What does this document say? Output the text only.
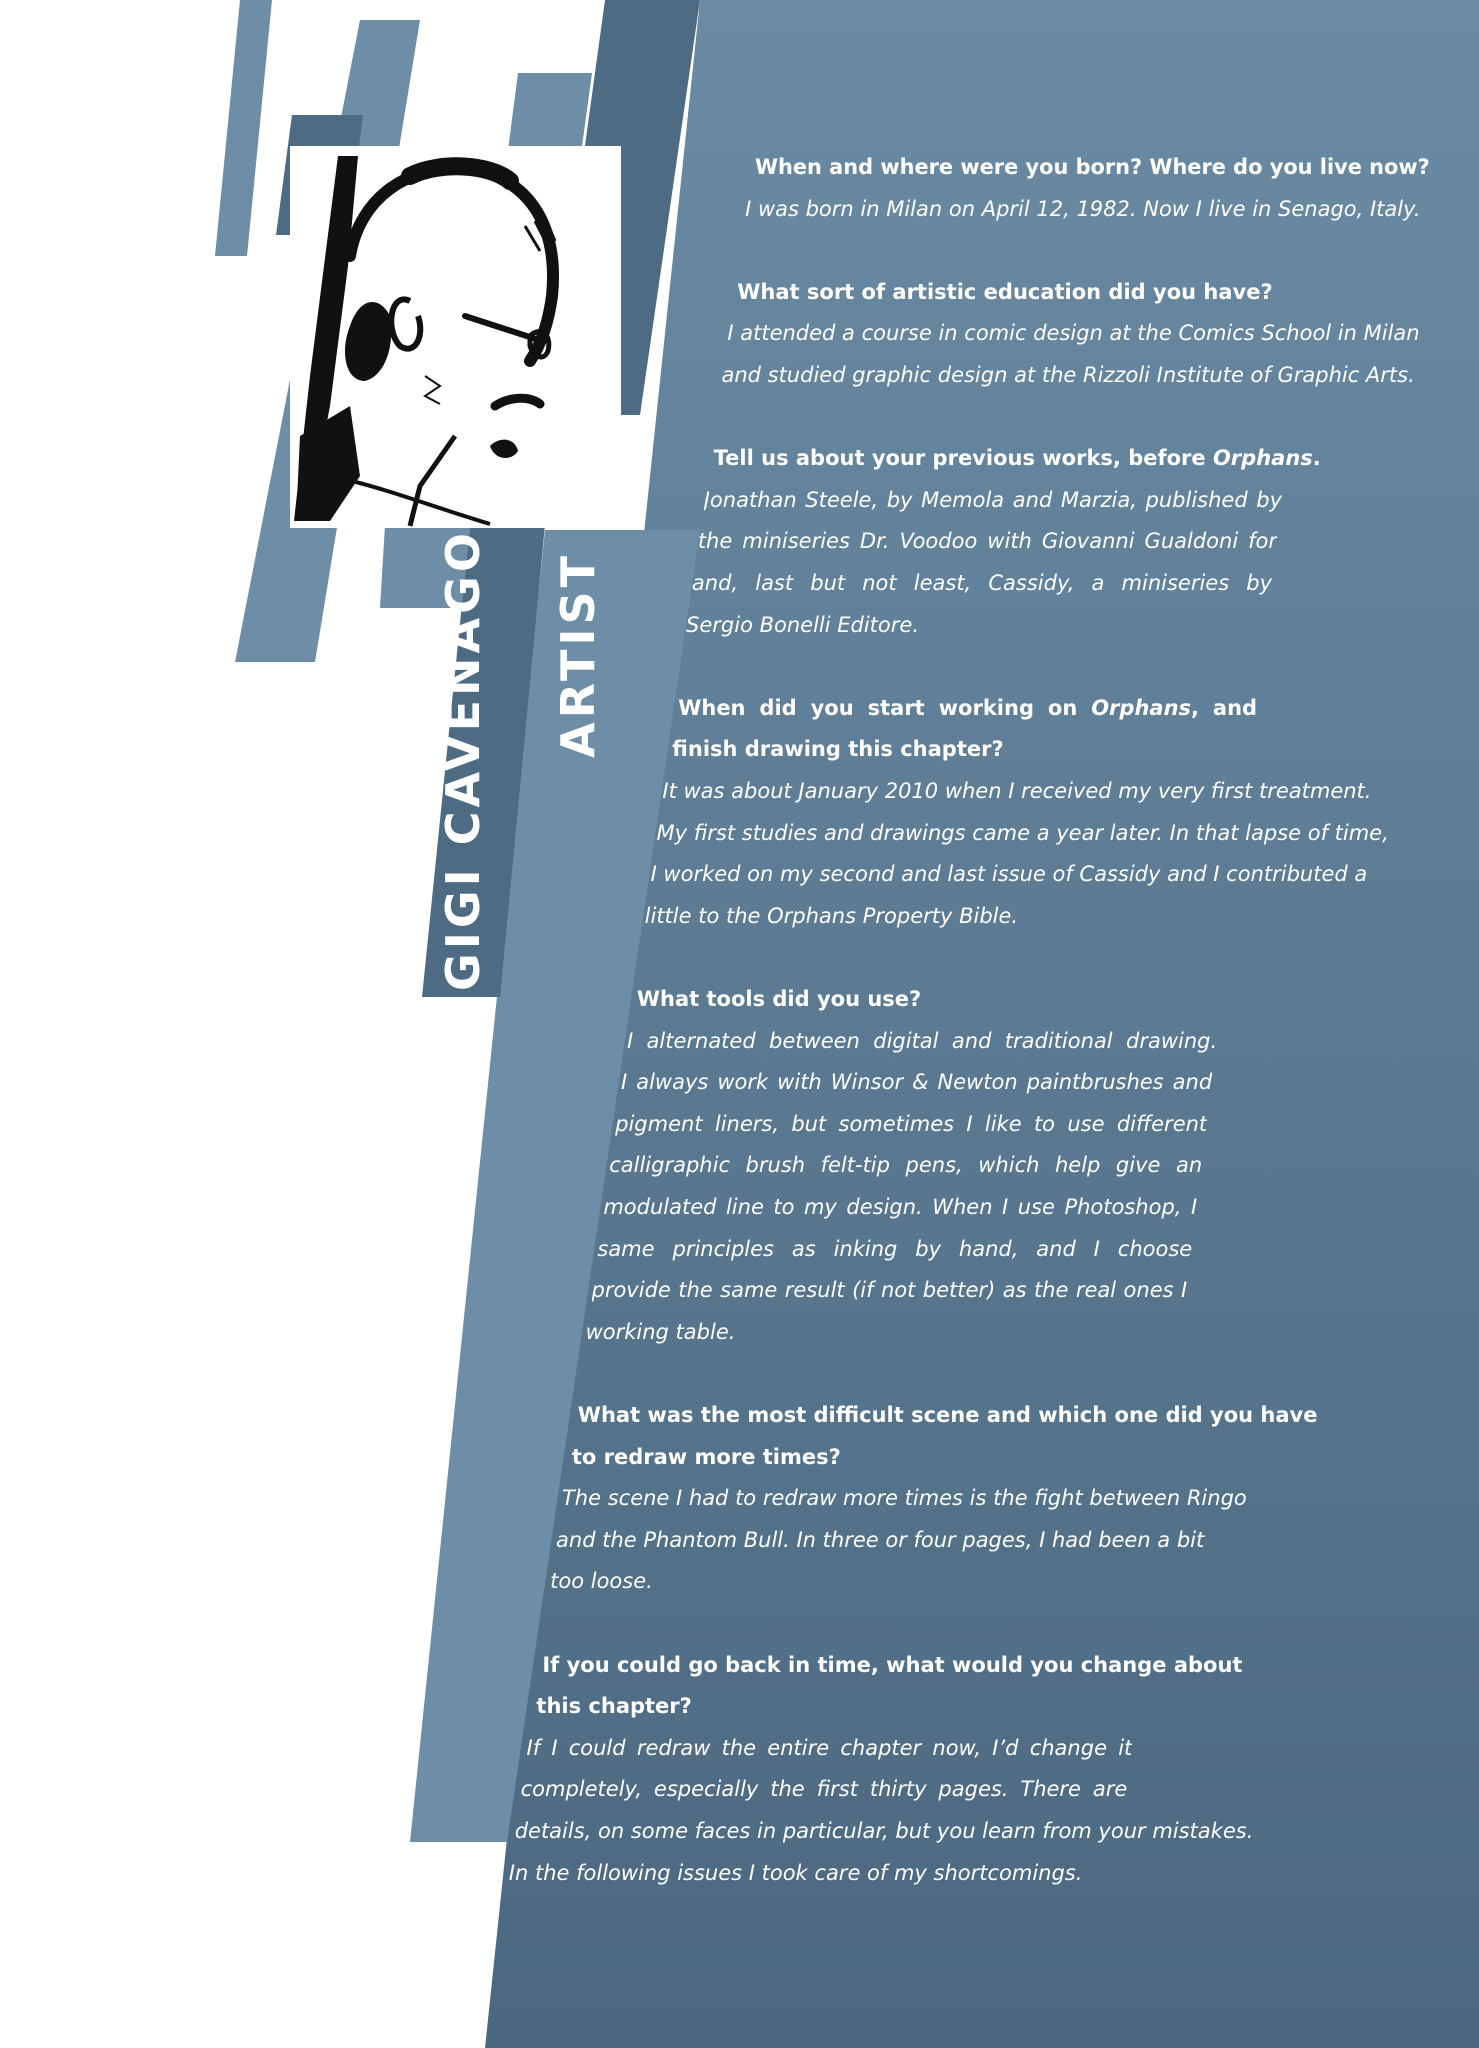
GIGI CAVENAGO ARTIST
When and where were you born? Where do you live now?
I was born in Milan on April 12, 1982. Now I live in Senago, Italy.
What sort of artistic education did you have?
I attended a course in comic design at the Comics School in Milan
and studied graphic design at the Rizzoli Institute of Graphic Arts.
Tell us about your previous works, before Orphans.
Jonathan Steele, by Memola and Marzia, published by
the miniseries Dr. Voodoo with Giovanni Gualdoni for
and, last but not least, Cassidy, a miniseries by
Sergio Bonelli Editore.
When did you start working on Orphans, and
finish drawing this chapter?
It was about January 2010 when I received my very first treatment.
My first studies and drawings came a year later. In that lapse of time,
I worked on my second and last issue of Cassidy and I contributed a
little to the Orphans Property Bible.
What tools did you use?
I alternated between digital and traditional drawing.
I always work with Winsor & Newton paintbrushes and
pigment liners, but sometimes I like to use different
calligraphic brush felt-tip pens, which help give an
modulated line to my design. When I use Photoshop, I
same principles as inking by hand, and I choose
provide the same result (if not better) as the real ones I
working table.
What was the most difficult scene and which one did you have
to redraw more times?
The scene I had to redraw more times is the fight between Ringo
and the Phantom Bull. In three or four pages, I had been a bit
too loose.
If you could go back in time, what would you change about
this chapter?
If I could redraw the entire chapter now, I’d change it
completely, especially the first thirty pages. There are
details, on some faces in particular, but you learn from your mistakes.
In the following issues I took care of my shortcomings.
